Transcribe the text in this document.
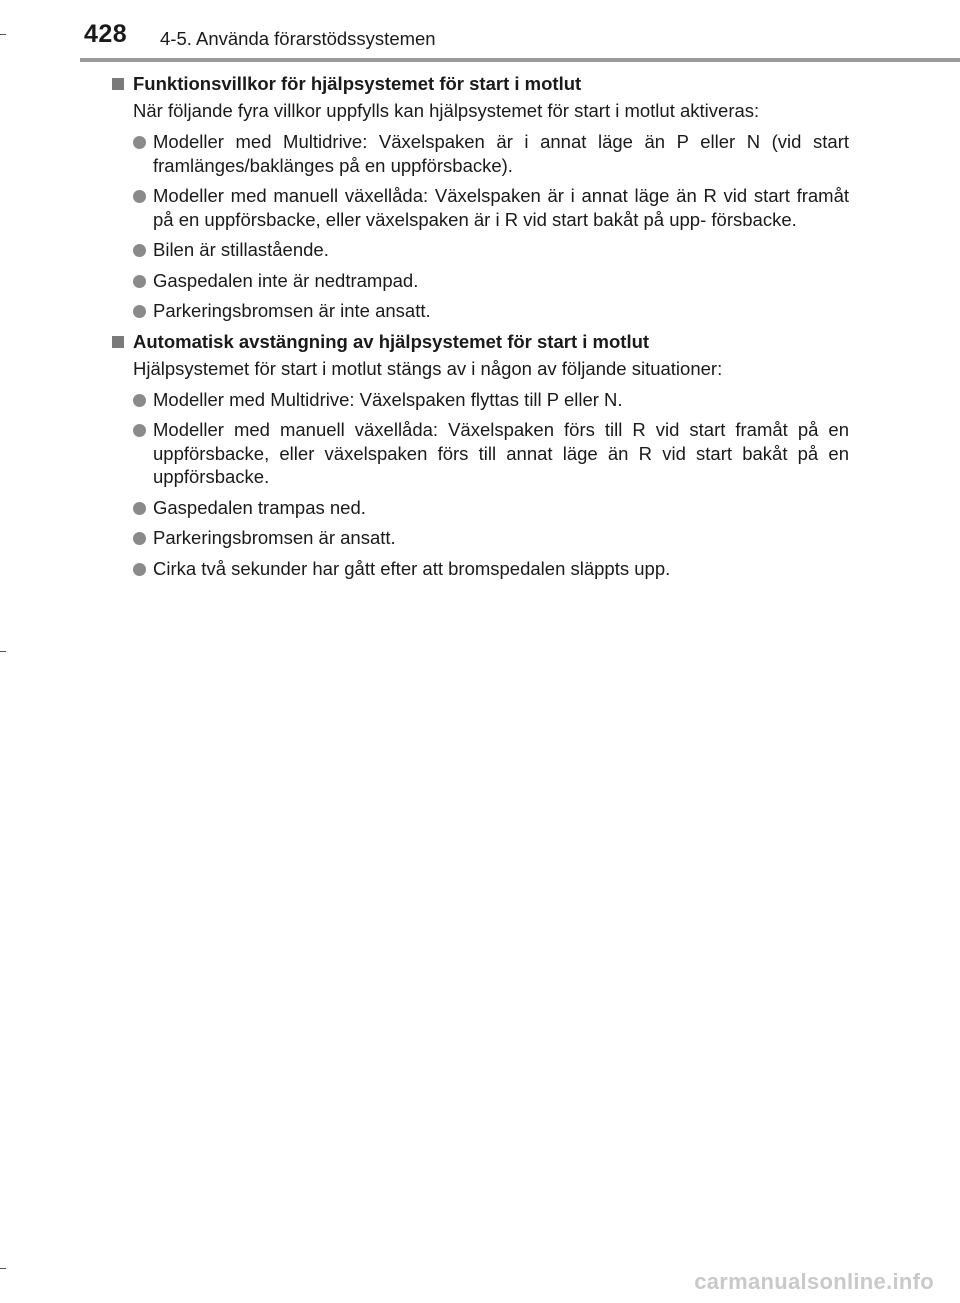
428 4-5. Använda förarstödssystemen
Funktionsvillkor för hjälpsystemet för start i motlut
När följande fyra villkor uppfylls kan hjälpsystemet för start i motlut aktiveras:
Modeller med Multidrive: Växelspaken är i annat läge än P eller N (vid start framlänges/baklänges på en uppförsbacke).
Modeller med manuell växellåda: Växelspaken är i annat läge än R vid start framåt på en uppförsbacke, eller växelspaken är i R vid start bakåt på upp- försbacke.
Bilen är stillastående.
Gaspedalen inte är nedtrampad.
Parkeringsbromsen är inte ansatt.
Automatisk avstängning av hjälpsystemet för start i motlut
Hjälpsystemet för start i motlut stängs av i någon av följande situationer:
Modeller med Multidrive: Växelspaken flyttas till P eller N.
Modeller med manuell växellåda: Växelspaken förs till R vid start framåt på en uppförsbacke, eller växelspaken förs till annat läge än R vid start bakåt på en uppförsbacke.
Gaspedalen trampas ned.
Parkeringsbromsen är ansatt.
Cirka två sekunder har gått efter att bromspedalen släppts upp.
carmanualsonline.info
